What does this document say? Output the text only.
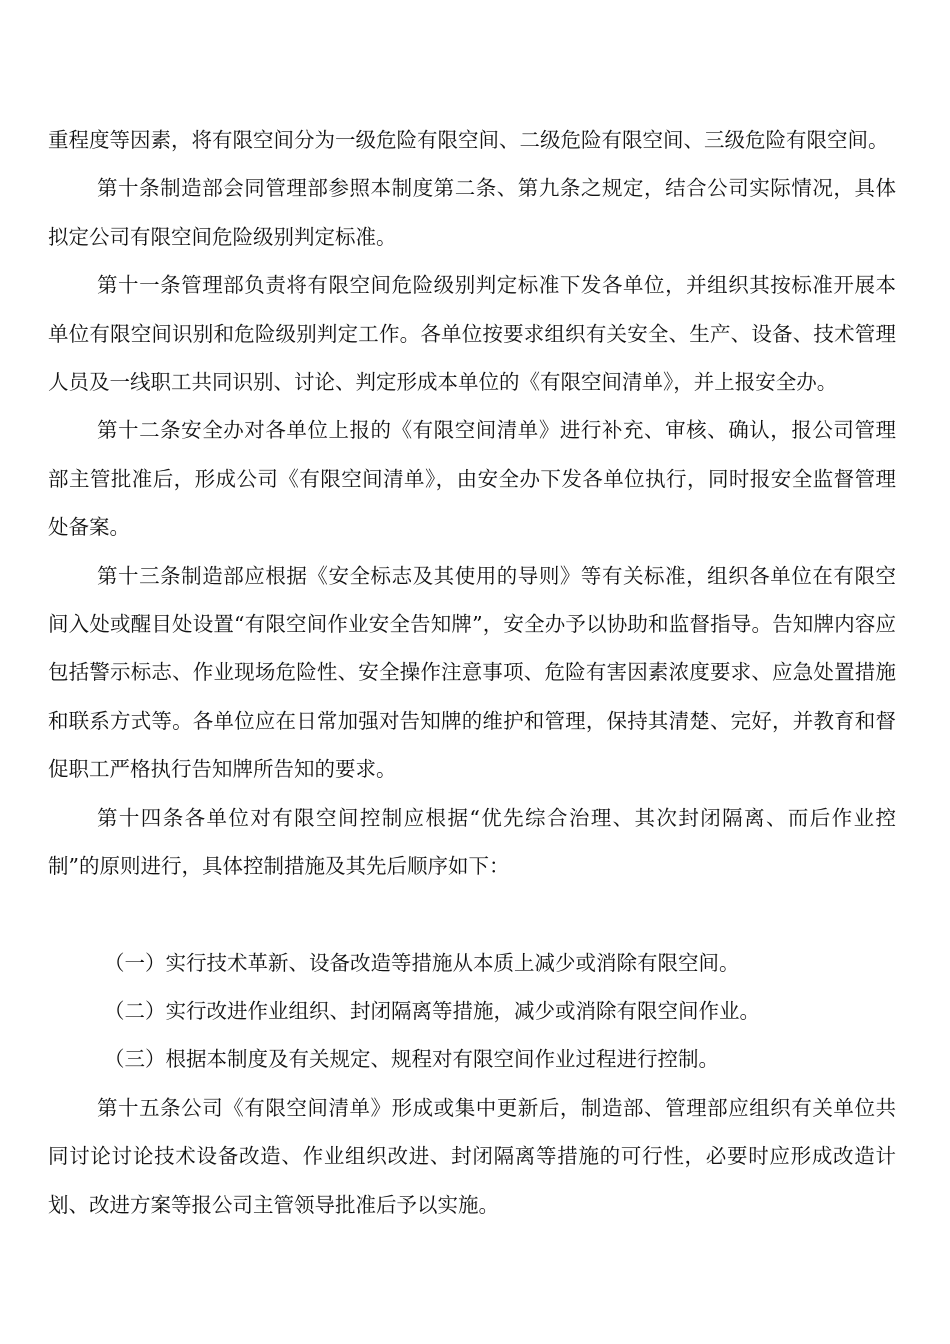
重程度等因素，将有限空间分为一级危险有限空间、二级危险有限空间、三级危险有限空间。

第十条制造部会同管理部参照本制度第二条、第九条之规定，结合公司实际情况，具体拟定公司有限空间危险级别判定标准。

第十一条管理部负责将有限空间危险级别判定标准下发各单位，并组织其按标准开展本单位有限空间识别和危险级别判定工作。各单位按要求组织有关安全、生产、设备、技术管理人员及一线职工共同识别、讨论、判定形成本单位的《有限空间清单》，并上报安全办。

第十二条安全办对各单位上报的《有限空间清单》进行补充、审核、确认，报公司管理部主管批准后，形成公司《有限空间清单》，由安全办下发各单位执行，同时报安全监督管理处备案。

第十三条制造部应根据《安全标志及其使用的导则》等有关标准，组织各单位在有限空间入处或醒目处设置“有限空间作业安全告知牌”，安全办予以协助和监督指导。告知牌内容应包括警示标志、作业现场危险性、安全操作注意事项、危险有害因素浓度要求、应急处置措施和联系方式等。各单位应在日常加强对告知牌的维护和管理，保持其清楚、完好，并教育和督促职工严格执行告知牌所告知的要求。

第十四条各单位对有限空间控制应根据“优先综合治理、其次封闭隔离、而后作业控制”的原则进行，具体控制措施及其先后顺序如下：

（一）实行技术革新、设备改造等措施从本质上减少或消除有限空间。

（二）实行改进作业组织、封闭隔离等措施，减少或消除有限空间作业。

（三）根据本制度及有关规定、规程对有限空间作业过程进行控制。

第十五条公司《有限空间清单》形成或集中更新后，制造部、管理部应组织有关单位共同讨论讨论技术设备改造、作业组织改进、封闭隔离等措施的可行性，必要时应形成改造计划、改进方案等报公司主管领导批准后予以实施。
